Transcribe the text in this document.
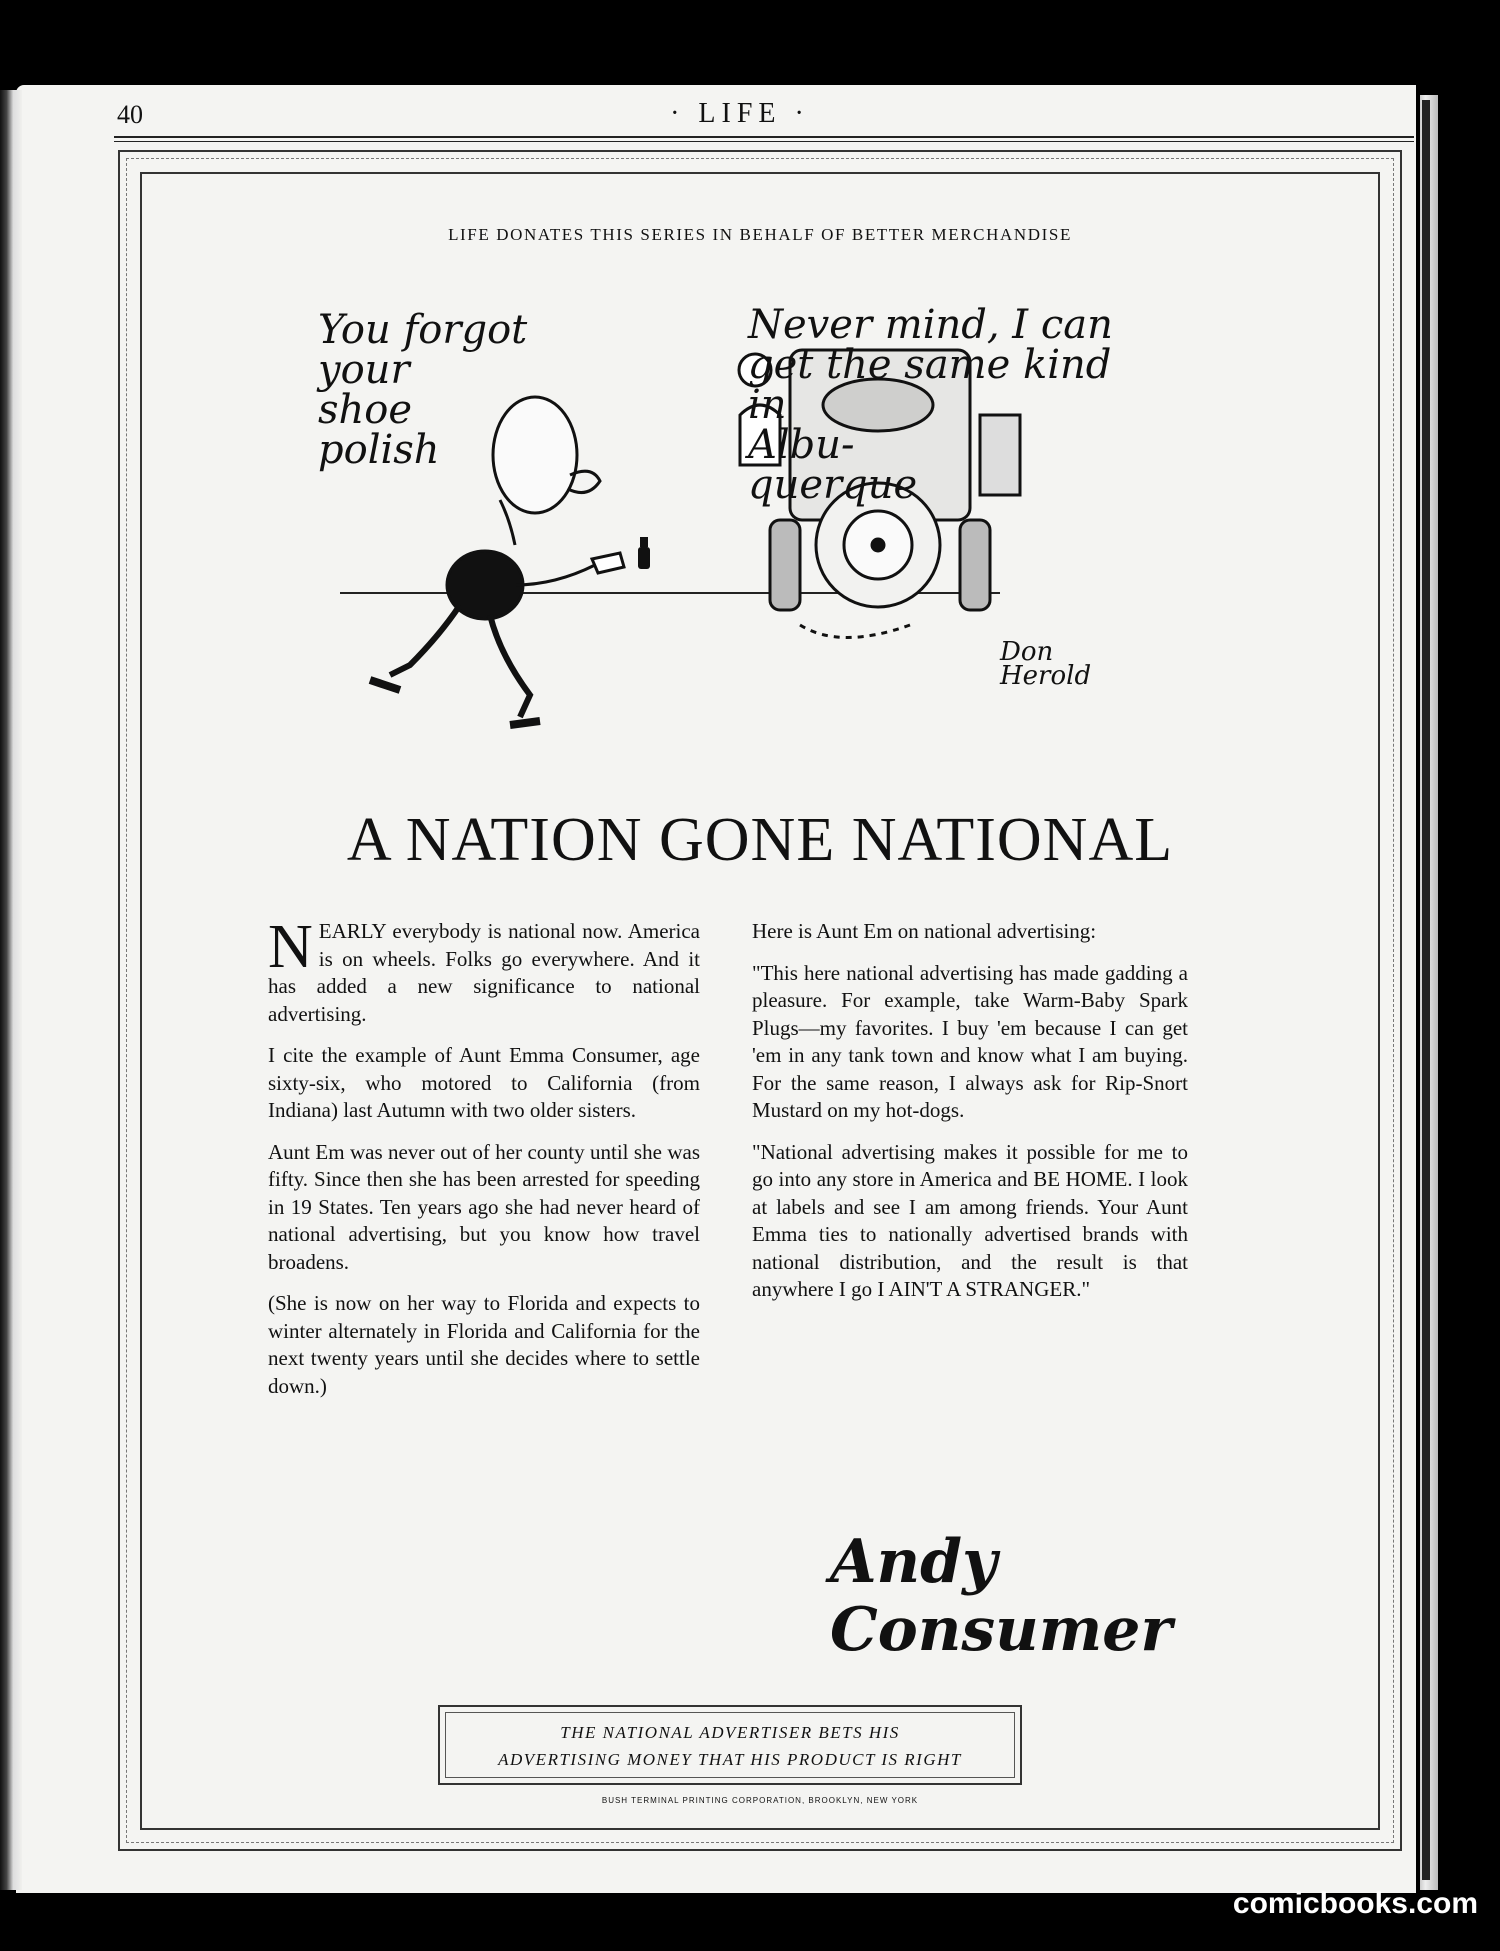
40	· LIFE ·
LIFE DONATES THIS SERIES IN BEHALF OF BETTER MERCHANDISE
You forgot
your
shoe
polish
Never mind, I can
get the same kind
in
Albu-
querque
Don Herold
A NATION GONE NATIONAL

NEARLY everybody is national now. America is on wheels. Folks go everywhere. And it has added a new significance to national advertising.

I cite the example of Aunt Emma Consumer, age sixty-six, who motored to California (from Indiana) last Autumn with two older sisters.

Aunt Em was never out of her county until she was fifty. Since then she has been arrested for speeding in 19 States. Ten years ago she had never heard of national advertising, but you know how travel broadens.

(She is now on her way to Florida and expects to winter alternately in Florida and California for the next twenty years until she decides where to settle down.)

Here is Aunt Em on national advertising:

"This here national advertising has made gadding a pleasure. For example, take Warm-Baby Spark Plugs—my favorites. I buy 'em because I can get 'em in any tank town and know what I am buying. For the same reason, I always ask for Rip-Snort Mustard on my hot-dogs.

"National advertising makes it possible for me to go into any store in America and BE HOME. I look at labels and see I am among friends. Your Aunt Emma ties to nationally advertised brands with national distribution, and the result is that anywhere I go I AIN'T A STRANGER."

Andy
Consumer
THE NATIONAL ADVERTISER BETS HIS
ADVERTISING MONEY THAT HIS PRODUCT IS RIGHT
BUSH TERMINAL PRINTING CORPORATION, BROOKLYN, NEW YORK
comicbooks.com
